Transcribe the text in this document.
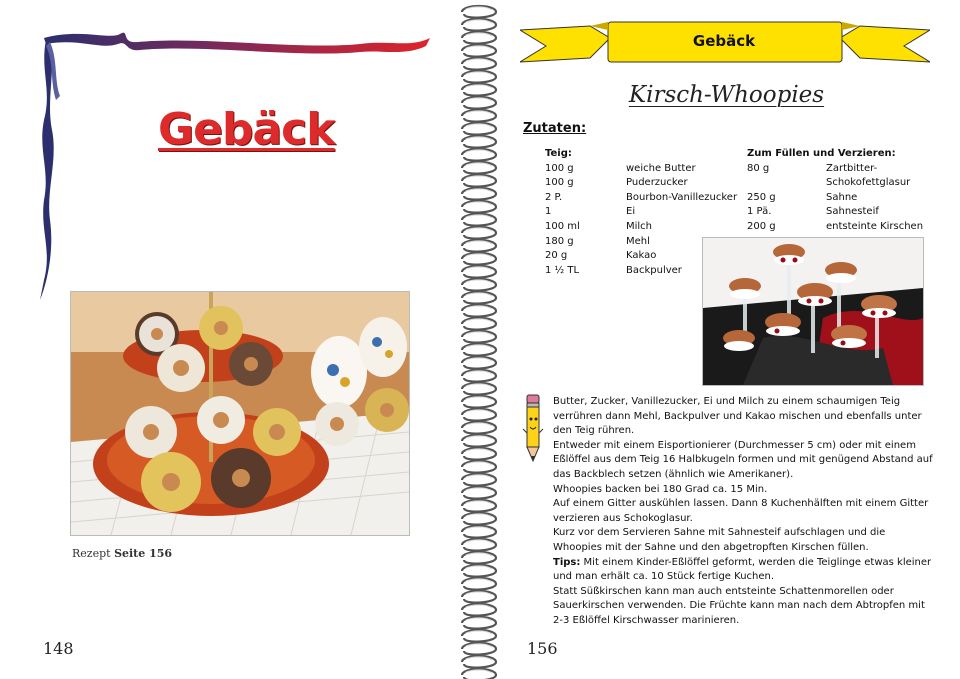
Gebäck
Rezept Seite 156
148
Gebäck
Kirsch-Whoopies
Zutaten:
Teig:
100 g
100 g
2 P.
1
100 ml
180 g
20 g
1 ½ TL
weiche Butter
Puderzucker
Bourbon-Vanillezucker
Ei
Milch
Mehl
Kakao
Backpulver
Zum Füllen und Verzieren:
80 g
250 g
1 Pä.
200 g
Zartbitter-
Schokofettglasur
Sahne
Sahnesteif
entsteinte Kirschen

Butter, Zucker, Vanillezucker, Ei und Milch zu einem schaumigen Teig verrühren dann Mehl, Backpulver und Kakao mischen und ebenfalls unter den Teig rühren.

Entweder mit einem Eisportionierer (Durchmesser 5 cm) oder mit einem Eßlöffel aus dem Teig 16 Halbkugeln formen und mit genügend Abstand auf das Backblech setzen (ähnlich wie Amerikaner).

Whoopies backen bei 180 Grad ca. 15 Min.

Auf einem Gitter auskühlen lassen. Dann 8 Kuchenhälften mit einem Gitter verzieren aus Schokoglasur.

Kurz vor dem Servieren Sahne mit Sahnesteif aufschlagen und die Whoopies mit der Sahne und den abgetropften Kirschen füllen.

Tips: Mit einem Kinder-Eßlöffel geformt, werden die Teiglinge etwas kleiner und man erhält ca. 10 Stück fertige Kuchen.

Statt Süßkirschen kann man auch entsteinte Schattenmorellen oder Sauerkirschen verwenden. Die Früchte kann man nach dem Abtropfen mit 2-3 Eßlöffel Kirschwasser marinieren.

156
